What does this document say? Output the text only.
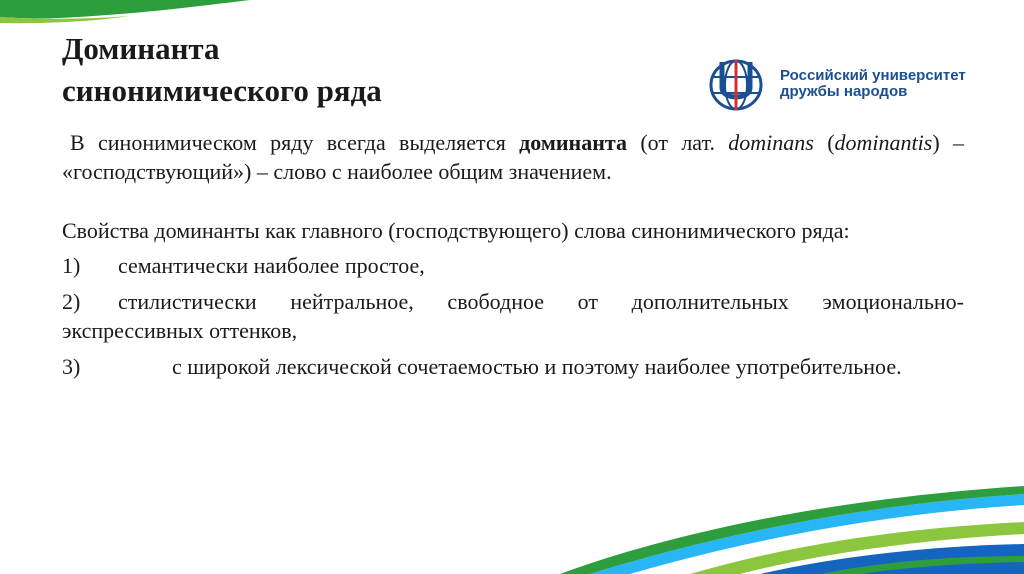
Доминанта
синонимического ряда	Российский университет
дружбы народов

В синонимическом ряду всегда выделяется доминанта (от лат. dominans (dominantis) – «господствующий») – слово с наиболее общим значением.

Свойства доминанты как главного (господствующего) слова синонимического ряда:

1) семантически наиболее простое,

2) стилистически нейтральное, свободное от дополнительных эмоционально-экспрессивных оттенков,

3)	с широкой лексической сочетаемостью и поэтому наиболее употребительное.
